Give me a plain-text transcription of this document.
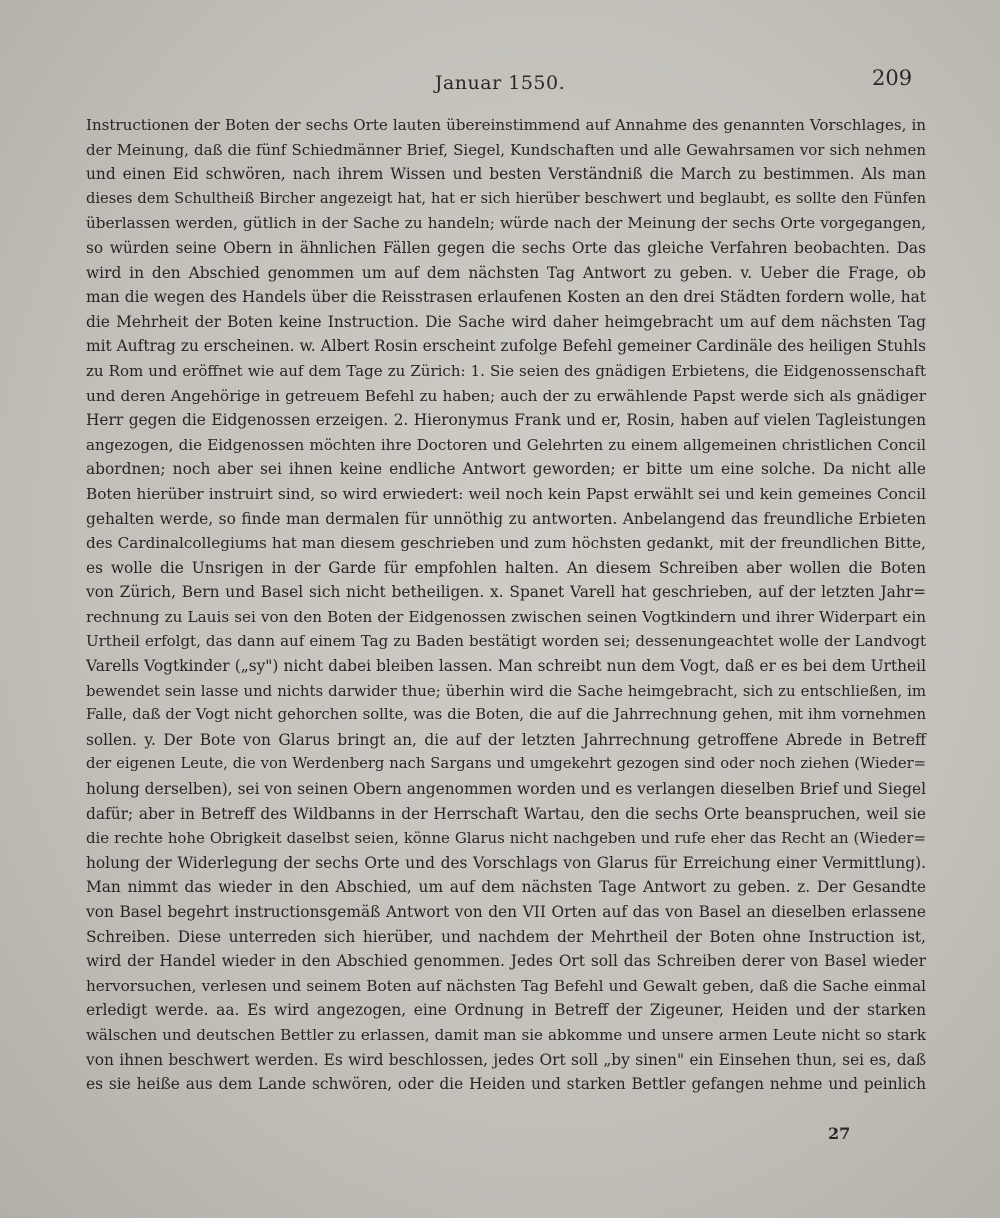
Januar 1550.	209
Instructionen der Boten der sechs Orte lauten übereinstimmend auf Annahme des genannten Vorschlages, in
der Meinung, daß die fünf Schiedmänner Brief, Siegel, Kundschaften und alle Gewahrsamen vor sich nehmen
und einen Eid schwören, nach ihrem Wissen und besten Verständniß die March zu bestimmen. Als man
dieses dem Schultheiß Bircher angezeigt hat, hat er sich hierüber beschwert und beglaubt, es sollte den Fünfen
überlassen werden, gütlich in der Sache zu handeln; würde nach der Meinung der sechs Orte vorgegangen,
so würden seine Obern in ähnlichen Fällen gegen die sechs Orte das gleiche Verfahren beobachten. Das
wird in den Abschied genommen um auf dem nächsten Tag Antwort zu geben. v. Ueber die Frage, ob
man die wegen des Handels über die Reisstrasen erlaufenen Kosten an den drei Städten fordern wolle, hat
die Mehrheit der Boten keine Instruction. Die Sache wird daher heimgebracht um auf dem nächsten Tag
mit Auftrag zu erscheinen. w. Albert Rosin erscheint zufolge Befehl gemeiner Cardinäle des heiligen Stuhls
zu Rom und eröffnet wie auf dem Tage zu Zürich: 1. Sie seien des gnädigen Erbietens, die Eidgenossenschaft
und deren Angehörige in getreuem Befehl zu haben; auch der zu erwählende Papst werde sich als gnädiger
Herr gegen die Eidgenossen erzeigen. 2. Hieronymus Frank und er, Rosin, haben auf vielen Tagleistungen
angezogen, die Eidgenossen möchten ihre Doctoren und Gelehrten zu einem allgemeinen christlichen Concil
abordnen; noch aber sei ihnen keine endliche Antwort geworden; er bitte um eine solche. Da nicht alle
Boten hierüber instruirt sind, so wird erwiedert: weil noch kein Papst erwählt sei und kein gemeines Concil
gehalten werde, so finde man dermalen für unnöthig zu antworten. Anbelangend das freundliche Erbieten
des Cardinalcollegiums hat man diesem geschrieben und zum höchsten gedankt, mit der freundlichen Bitte,
es wolle die Unsrigen in der Garde für empfohlen halten. An diesem Schreiben aber wollen die Boten
von Zürich, Bern und Basel sich nicht betheiligen. x. Spanet Varell hat geschrieben, auf der letzten Jahr=
rechnung zu Lauis sei von den Boten der Eidgenossen zwischen seinen Vogtkindern und ihrer Widerpart ein
Urtheil erfolgt, das dann auf einem Tag zu Baden bestätigt worden sei; dessenungeachtet wolle der Landvogt
Varells Vogtkinder („sy") nicht dabei bleiben lassen. Man schreibt nun dem Vogt, daß er es bei dem Urtheil
bewendet sein lasse und nichts darwider thue; überhin wird die Sache heimgebracht, sich zu entschließen, im
Falle, daß der Vogt nicht gehorchen sollte, was die Boten, die auf die Jahrrechnung gehen, mit ihm vornehmen
sollen. y. Der Bote von Glarus bringt an, die auf der letzten Jahrrechnung getroffene Abrede in Betreff
der eigenen Leute, die von Werdenberg nach Sargans und umgekehrt gezogen sind oder noch ziehen (Wieder=
holung derselben), sei von seinen Obern angenommen worden und es verlangen dieselben Brief und Siegel
dafür; aber in Betreff des Wildbanns in der Herrschaft Wartau, den die sechs Orte beanspruchen, weil sie
die rechte hohe Obrigkeit daselbst seien, könne Glarus nicht nachgeben und rufe eher das Recht an (Wieder=
holung der Widerlegung der sechs Orte und des Vorschlags von Glarus für Erreichung einer Vermittlung).
Man nimmt das wieder in den Abschied, um auf dem nächsten Tage Antwort zu geben. z. Der Gesandte
von Basel begehrt instructionsgemäß Antwort von den VII Orten auf das von Basel an dieselben erlassene
Schreiben. Diese unterreden sich hierüber, und nachdem der Mehrtheil der Boten ohne Instruction ist,
wird der Handel wieder in den Abschied genommen. Jedes Ort soll das Schreiben derer von Basel wieder
hervorsuchen, verlesen und seinem Boten auf nächsten Tag Befehl und Gewalt geben, daß die Sache einmal
erledigt werde. aa. Es wird angezogen, eine Ordnung in Betreff der Zigeuner, Heiden und der starken
wälschen und deutschen Bettler zu erlassen, damit man sie abkomme und unsere armen Leute nicht so stark
von ihnen beschwert werden. Es wird beschlossen, jedes Ort soll „by sinen" ein Einsehen thun, sei es, daß
es sie heiße aus dem Lande schwören, oder die Heiden und starken Bettler gefangen nehme und peinlich
27
